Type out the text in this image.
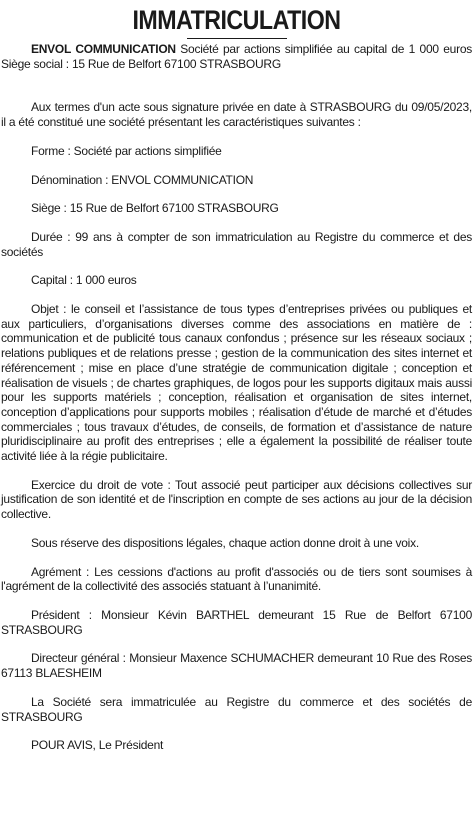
IMMATRICULATION

ENVOL COMMUNICATION Société par actions simplifiée au capital de 1 000 euros Siège social : 15 Rue de Belfort 67100 STRASBOURG

Aux termes d'un acte sous signature privée en date à STRASBOURG du 09/05/2023, il a été constitué une société présentant les caractéristiques suivantes :

Forme : Société par actions simplifiée

Dénomination : ENVOL COMMUNICATION

Siège : 15 Rue de Belfort 67100 STRASBOURG

Durée : 99 ans à compter de son immatriculation au Registre du commerce et des sociétés

Capital : 1 000 euros

Objet : le conseil et l’assistance de tous types d’entreprises privées ou publiques et aux particuliers, d’organisations diverses comme des associations en matière de : communication et de publicité tous canaux confondus ; présence sur les réseaux sociaux ; relations publiques et de relations presse ; gestion de la communication des sites internet et référencement ; mise en place d’une stratégie de communication digitale ; conception et réalisation de visuels ; de chartes graphiques, de logos pour les supports digitaux mais aussi pour les supports matériels ; conception, réalisation et organisation de sites internet, conception d’applications pour supports mobiles ; réalisation d’étude de marché et d’études commerciales ; tous travaux d’études, de conseils, de formation et d’assistance de nature pluridisciplinaire au profit des entreprises ; elle a également la possibilité de réaliser toute activité liée à la régie publicitaire.

Exercice du droit de vote : Tout associé peut participer aux décisions collectives sur justification de son identité et de l'inscription en compte de ses actions au jour de la décision collective.

Sous réserve des dispositions légales, chaque action donne droit à une voix.

Agrément : Les cessions d'actions au profit d'associés ou de tiers sont soumises à l'agrément de la collectivité des associés statuant à l’unanimité.

Président : Monsieur Kévin BARTHEL demeurant 15 Rue de Belfort 67100 STRASBOURG

Directeur général : Monsieur Maxence SCHUMACHER demeurant 10 Rue des Roses 67113 BLAESHEIM

La Société sera immatriculée au Registre du commerce et des sociétés de STRASBOURG

POUR AVIS, Le Président
